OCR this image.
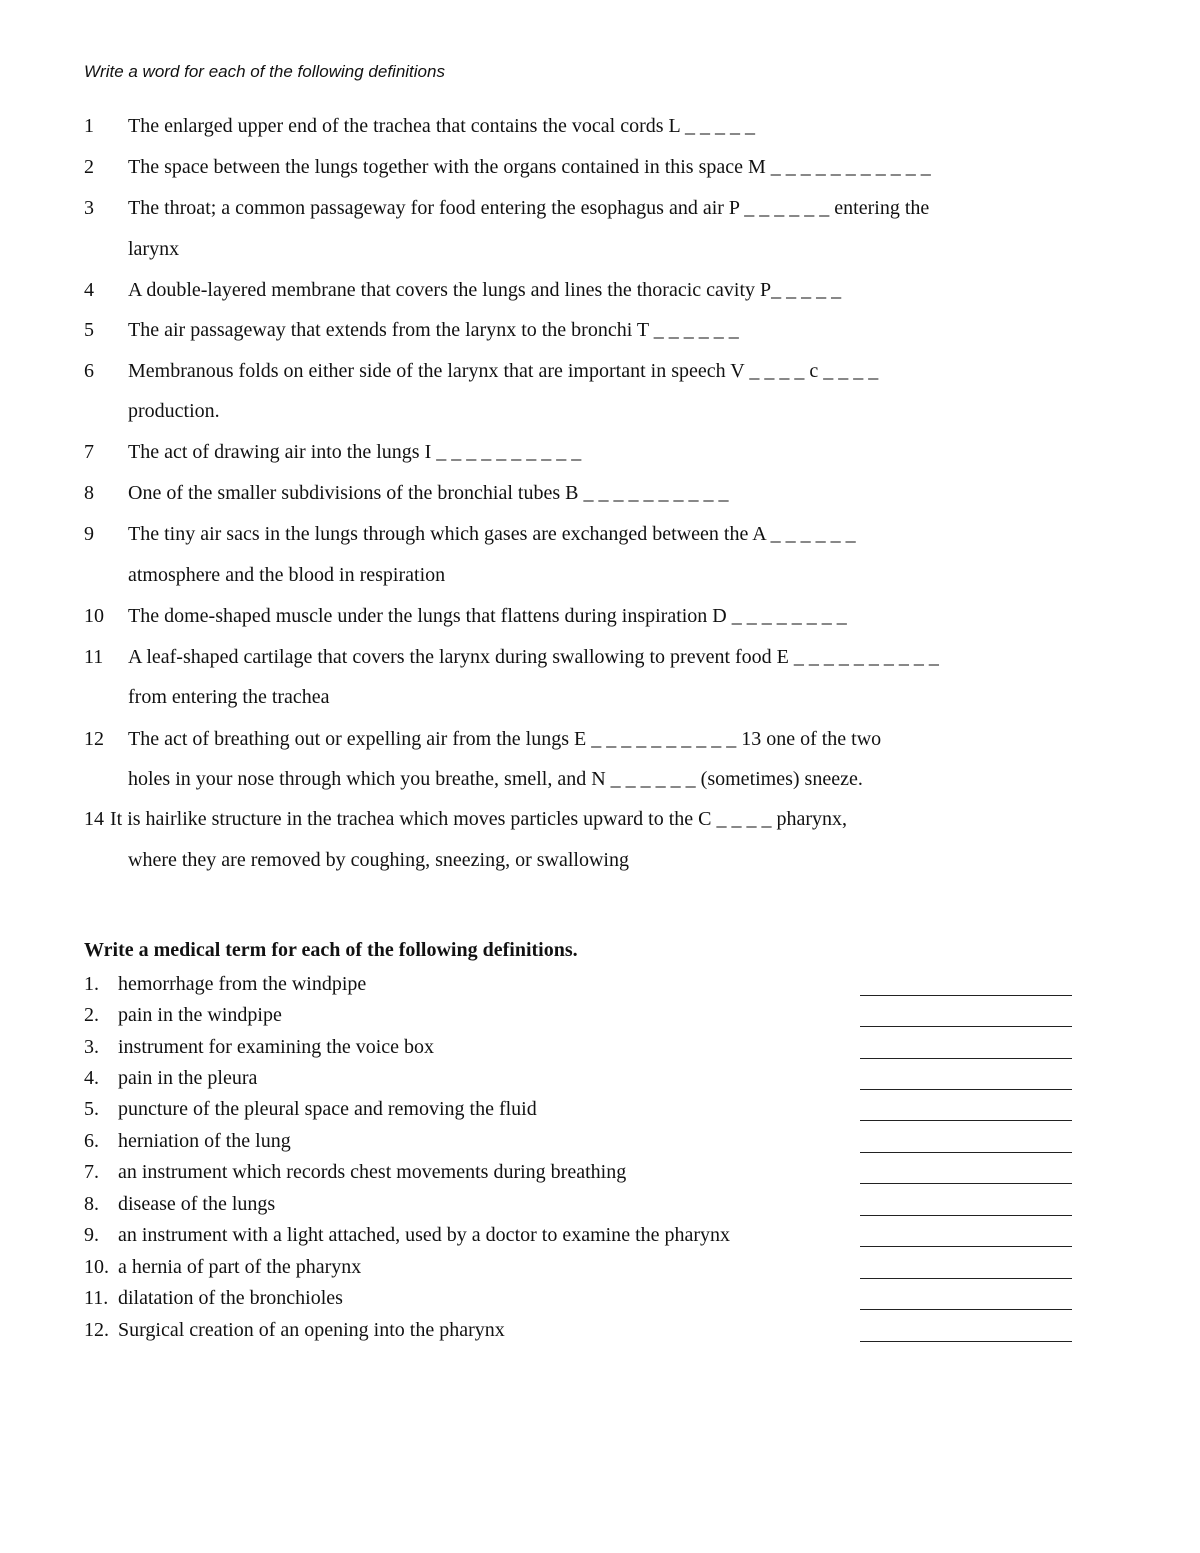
Write a word for each of the following definitions
1 The enlarged upper end of the trachea that contains the vocal cords L _ _ _ _ _
2 The space between the lungs together with the organs contained in this space M _ _ _ _ _ _ _ _ _ _ _
3 The throat; a common passageway for food entering the esophagus and air P _ _ _ _ _ _ entering the
larynx
4 A double-layered membrane that covers the lungs and lines the thoracic cavity P_ _ _ _ _
5 The air passageway that extends from the larynx to the bronchi T _ _ _ _ _ _
6 Membranous folds on either side of the larynx that are important in speech V _ _ _ _ c _ _ _ _
production.
7 The act of drawing air into the lungs I _ _ _ _ _ _ _ _ _ _
8 One of the smaller subdivisions of the bronchial tubes B _ _ _ _ _ _ _ _ _ _
9 The tiny air sacs in the lungs through which gases are exchanged between the A _ _ _ _ _ _
atmosphere and the blood in respiration
10 The dome-shaped muscle under the lungs that flattens during inspiration D _ _ _ _ _ _ _ _
11 A leaf-shaped cartilage that covers the larynx during swallowing to prevent food E _ _ _ _ _ _ _ _ _ _
from entering the trachea
12 The act of breathing out or expelling air from the lungs E _ _ _ _ _ _ _ _ _ _ 13 one of the two
holes in your nose through which you breathe, smell, and N _ _ _ _ _ _ (sometimes) sneeze.
14 It is hairlike structure in the trachea which moves particles upward to the C _ _ _ _ pharynx,
where they are removed by coughing, sneezing, or swallowing
Write a medical term for each of the following definitions.
1. hemorrhage from the windpipe
2. pain in the windpipe
3. instrument for examining the voice box
4. pain in the pleura
5. puncture of the pleural space and removing the fluid
6. herniation of the lung
7. an instrument which records chest movements during breathing
8. disease of the lungs
9. an instrument with a light attached, used by a doctor to examine the pharynx
10. a hernia of part of the pharynx
11. dilatation of the bronchioles
12. Surgical creation of an opening into the pharynx
